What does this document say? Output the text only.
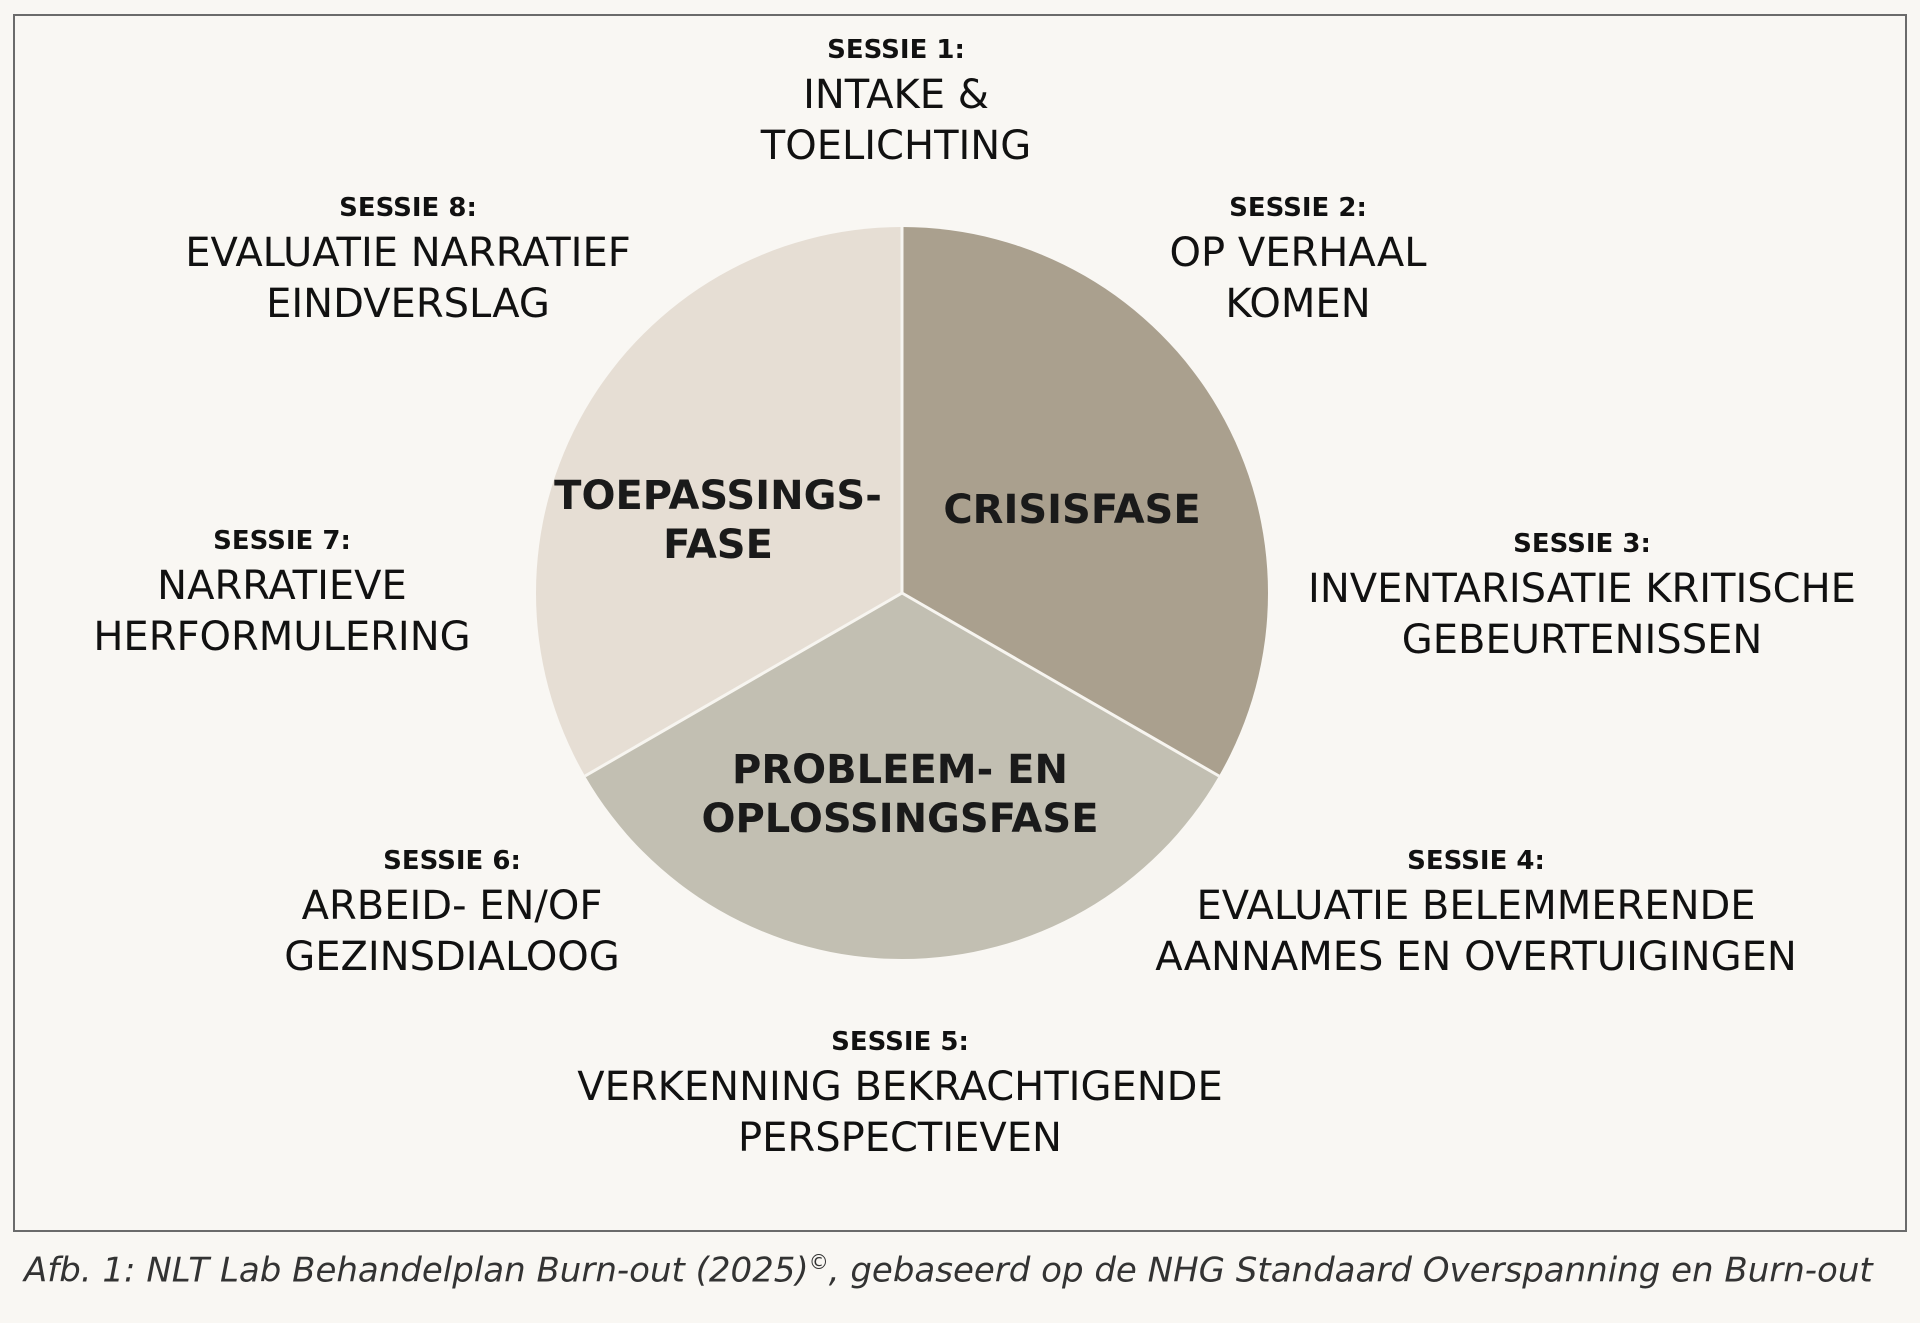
CRISISFASE
PROBLEEM- EN
OPLOSSINGSFASE
TOEPASSINGS-
FASE
SESSIE 1:
INTAKE &
TOELICHTING
SESSIE 2:
OP VERHAAL
KOMEN
SESSIE 3:
INVENTARISATIE KRITISCHE
GEBEURTENISSEN
SESSIE 4:
EVALUATIE BELEMMERENDE
AANNAMES EN OVERTUIGINGEN
SESSIE 5:
VERKENNING BEKRACHTIGENDE
PERSPECTIEVEN
SESSIE 6:
ARBEID- EN/OF
GEZINSDIALOOG
SESSIE 7:
NARRATIEVE
HERFORMULERING
SESSIE 8:
EVALUATIE NARRATIEF
EINDVERSLAG
Afb. 1: NLT Lab Behandelplan Burn-out (2025)©, gebaseerd op de NHG Standaard Overspanning en Burn-out
